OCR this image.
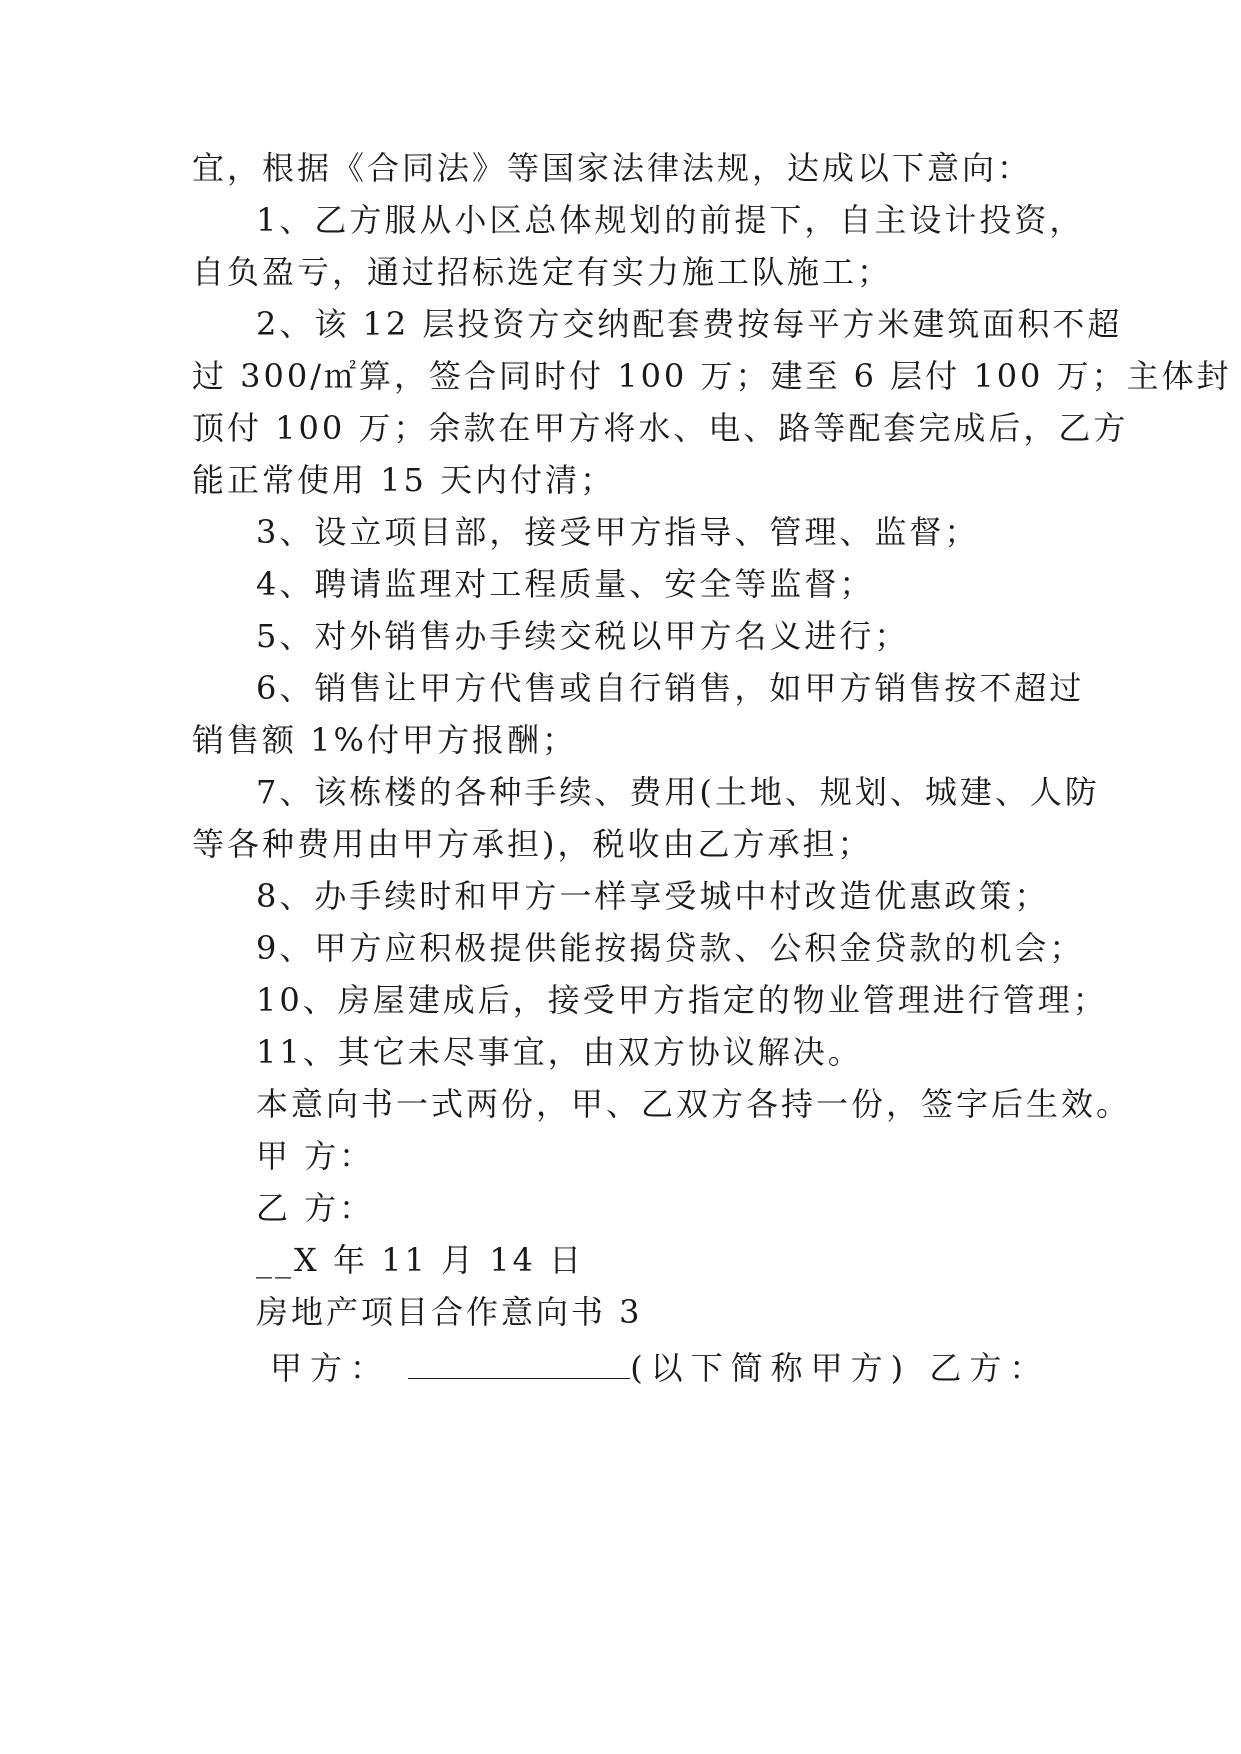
宜，根据《合同法》等国家法律法规，达成以下意向：
1、乙方服从小区总体规划的前提下，自主设计投资，
自负盈亏，通过招标选定有实力施工队施工；
2、该 12 层投资方交纳配套费按每平方米建筑面积不超
过 300/㎡算，签合同时付 100 万；建至 6 层付 100 万；主体封
顶付 100 万；余款在甲方将水、电、路等配套完成后，乙方
能正常使用 15 天内付清；
3、设立项目部，接受甲方指导、管理、监督；
4、聘请监理对工程质量、安全等监督；
5、对外销售办手续交税以甲方名义进行；
6、销售让甲方代售或自行销售，如甲方销售按不超过
销售额 1%付甲方报酬；
7、该栋楼的各种手续、费用(土地、规划、城建、人防
等各种费用由甲方承担)，税收由乙方承担；
8、办手续时和甲方一样享受城中村改造优惠政策；
9、甲方应积极提供能按揭贷款、公积金贷款的机会；
10、房屋建成后，接受甲方指定的物业管理进行管理；
11、其它未尽事宜，由双方协议解决。
本意向书一式两份，甲、乙双方各持一份，签字后生效。
甲 方：
乙 方：
__X 年 11 月 14 日
房地产项目合作意向书 3
甲方：	(以下简称甲方) 乙方：
